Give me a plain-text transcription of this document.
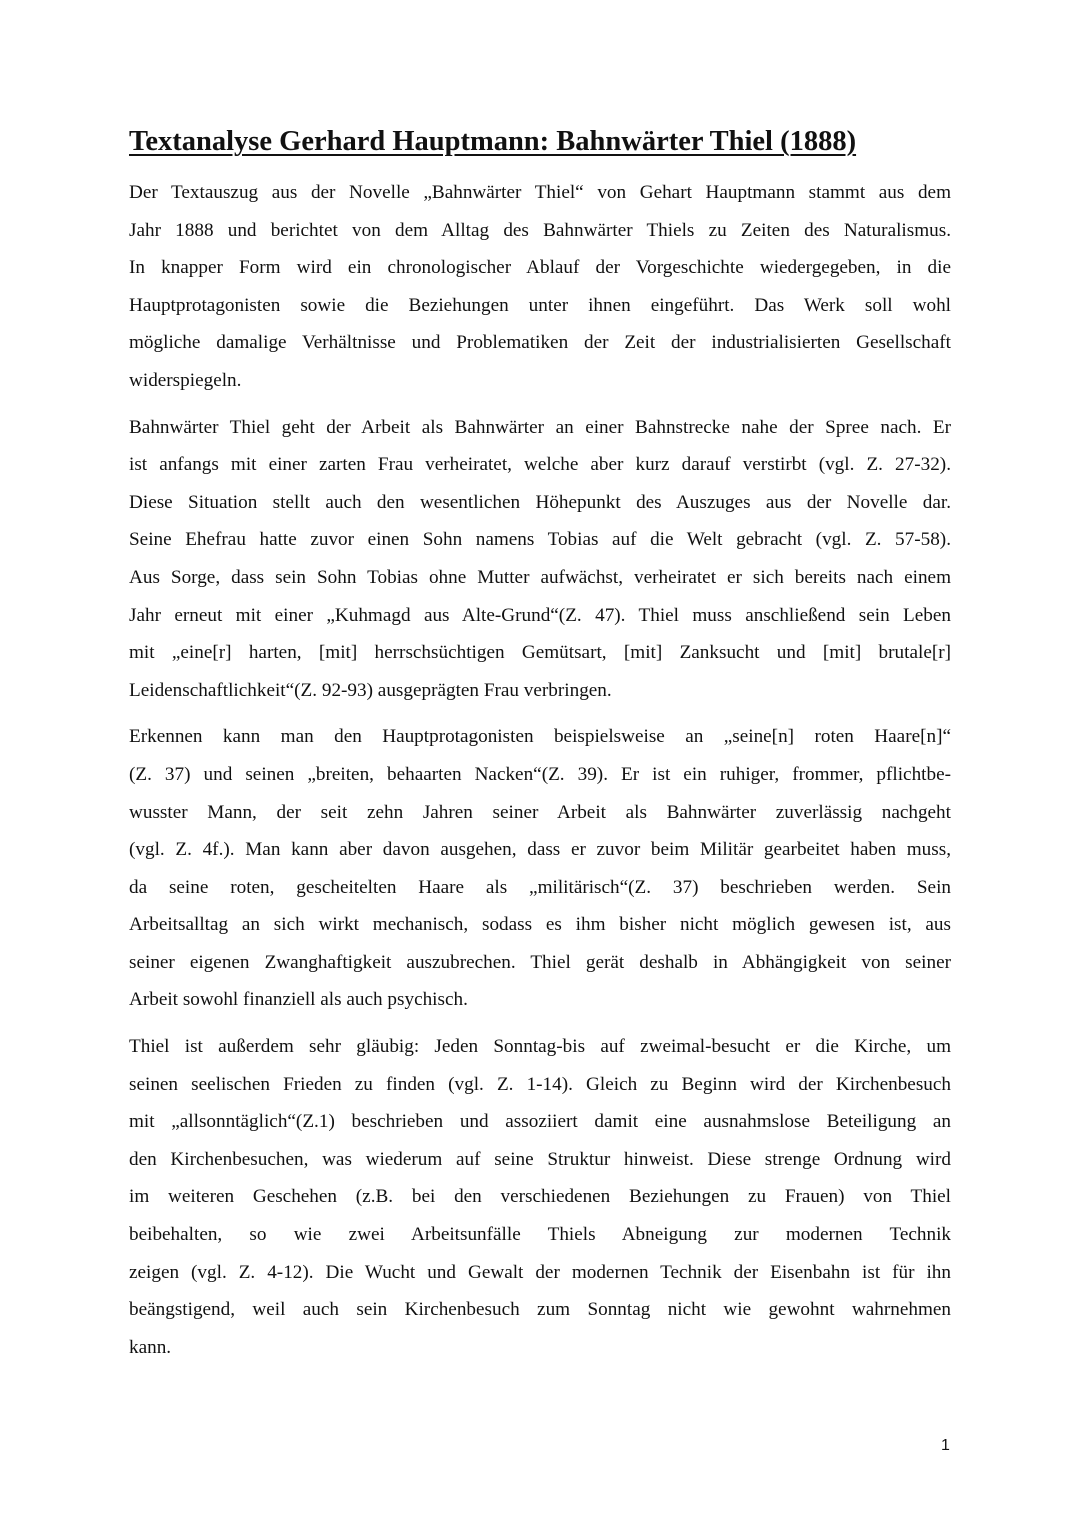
Textanalyse Gerhard Hauptmann: Bahnwärter Thiel (1888)
Der Textauszug aus der Novelle „Bahnwärter Thiel“ von Gehart Hauptmann stammt aus dem
Jahr 1888 und berichtet von dem Alltag des Bahnwärter Thiels zu Zeiten des Naturalismus.
In knapper Form wird ein chronologischer Ablauf der Vorgeschichte wiedergegeben, in die
Hauptprotagonisten sowie die Beziehungen unter ihnen eingeführt. Das Werk soll wohl
mögliche damalige Verhältnisse und Problematiken der Zeit der industrialisierten Gesellschaft
widerspiegeln.
Bahnwärter Thiel geht der Arbeit als Bahnwärter an einer Bahnstrecke nahe der Spree nach. Er
ist anfangs mit einer zarten Frau verheiratet, welche aber kurz darauf verstirbt (vgl. Z. 27-32).
Diese Situation stellt auch den wesentlichen Höhepunkt des Auszuges aus der Novelle dar.
Seine Ehefrau hatte zuvor einen Sohn namens Tobias auf die Welt gebracht (vgl. Z. 57-58).
Aus Sorge, dass sein Sohn Tobias ohne Mutter aufwächst, verheiratet er sich bereits nach einem
Jahr erneut mit einer „Kuhmagd aus Alte-Grund“(Z. 47). Thiel muss anschließend sein Leben
mit „eine[r] harten, [mit] herrschsüchtigen Gemütsart, [mit] Zanksucht und [mit] brutale[r]
Leidenschaftlichkeit“(Z. 92-93) ausgeprägten Frau verbringen.
Erkennen kann man den Hauptprotagonisten beispielsweise an „seine[n] roten Haare[n]“
(Z. 37) und seinen „breiten, behaarten Nacken“(Z. 39). Er ist ein ruhiger, frommer, pflichtbe-
wusster Mann, der seit zehn Jahren seiner Arbeit als Bahnwärter zuverlässig nachgeht
(vgl. Z. 4f.). Man kann aber davon ausgehen, dass er zuvor beim Militär gearbeitet haben muss,
da seine roten, gescheitelten Haare als „militärisch“(Z. 37) beschrieben werden. Sein
Arbeitsalltag an sich wirkt mechanisch, sodass es ihm bisher nicht möglich gewesen ist, aus
seiner eigenen Zwanghaftigkeit auszubrechen. Thiel gerät deshalb in Abhängigkeit von seiner
Arbeit sowohl finanziell als auch psychisch.
Thiel ist außerdem sehr gläubig: Jeden Sonntag-bis auf zweimal-besucht er die Kirche, um
seinen seelischen Frieden zu finden (vgl. Z. 1-14). Gleich zu Beginn wird der Kirchenbesuch
mit „allsonntäglich“(Z.1) beschrieben und assoziiert damit eine ausnahmslose Beteiligung an
den Kirchenbesuchen, was wiederum auf seine Struktur hinweist. Diese strenge Ordnung wird
im weiteren Geschehen (z.B. bei den verschiedenen Beziehungen zu Frauen) von Thiel
beibehalten, so wie zwei Arbeitsunfälle Thiels Abneigung zur modernen Technik
zeigen (vgl. Z. 4-12). Die Wucht und Gewalt der modernen Technik der Eisenbahn ist für ihn
beängstigend, weil auch sein Kirchenbesuch zum Sonntag nicht wie gewohnt wahrnehmen
kann.
1
